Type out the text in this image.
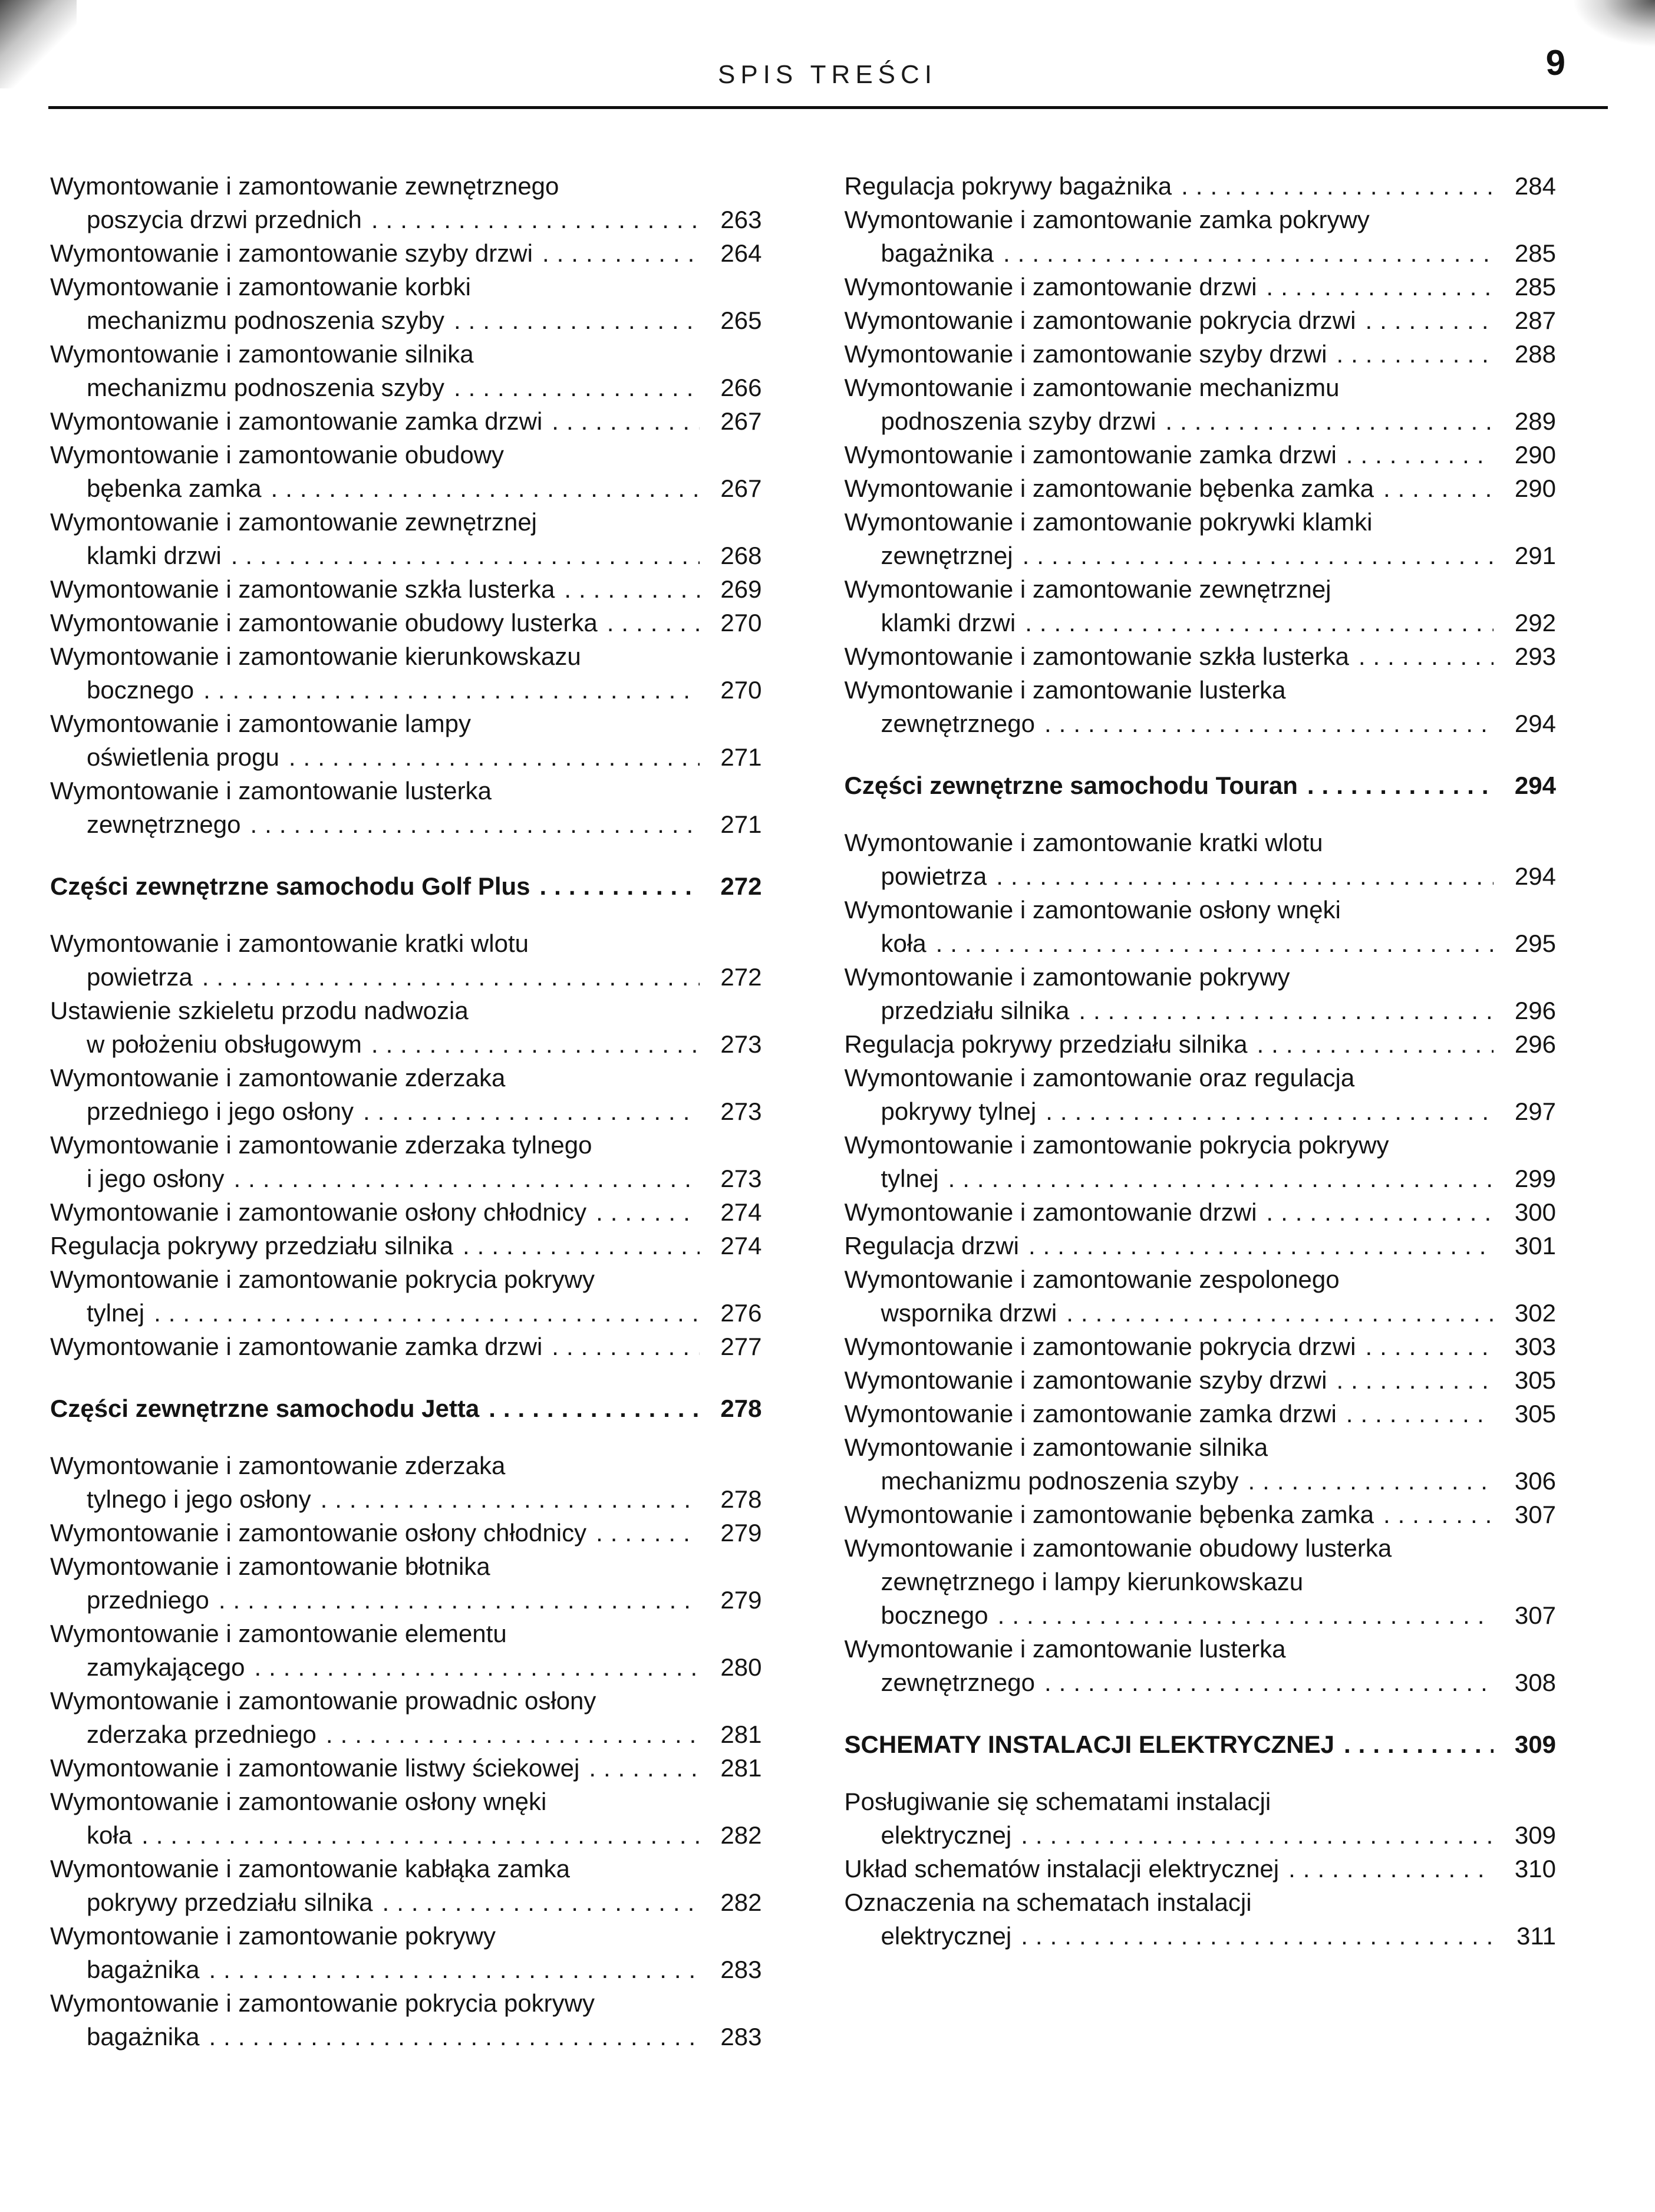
SPIS TREŚCI	9
Wymontowanie i zamontowanie zewnętrznego
poszycia drzwi przednich .....	263
Wymontowanie i zamontowanie szyby drzwi .....	264
Wymontowanie i zamontowanie korbki
mechanizmu podnoszenia szyby .....	265
Wymontowanie i zamontowanie silnika
mechanizmu podnoszenia szyby .....	266
Wymontowanie i zamontowanie zamka drzwi .....	267
Wymontowanie i zamontowanie obudowy
bębenka zamka .....	267
Wymontowanie i zamontowanie zewnętrznej
klamki drzwi .....	268
Wymontowanie i zamontowanie szkła lusterka .....	269
Wymontowanie i zamontowanie obudowy lusterka .....	270
Wymontowanie i zamontowanie kierunkowskazu
bocznego .....	270
Wymontowanie i zamontowanie lampy
oświetlenia progu .....	271
Wymontowanie i zamontowanie lusterka
zewnętrznego .....	271
Części zewnętrzne samochodu Golf Plus .....	272
Wymontowanie i zamontowanie kratki wlotu
powietrza .....	272
Ustawienie szkieletu przodu nadwozia
w położeniu obsługowym .....	273
Wymontowanie i zamontowanie zderzaka
przedniego i jego osłony .....	273
Wymontowanie i zamontowanie zderzaka tylnego
i jego osłony .....	273
Wymontowanie i zamontowanie osłony chłodnicy .....	274
Regulacja pokrywy przedziału silnika .....	274
Wymontowanie i zamontowanie pokrycia pokrywy
tylnej .....	276
Wymontowanie i zamontowanie zamka drzwi .....	277
Części zewnętrzne samochodu Jetta .....	278
Wymontowanie i zamontowanie zderzaka
tylnego i jego osłony .....	278
Wymontowanie i zamontowanie osłony chłodnicy .....	279
Wymontowanie i zamontowanie błotnika
przedniego .....	279
Wymontowanie i zamontowanie elementu
zamykającego .....	280
Wymontowanie i zamontowanie prowadnic osłony
zderzaka przedniego .....	281
Wymontowanie i zamontowanie listwy ściekowej .....	281
Wymontowanie i zamontowanie osłony wnęki
koła .....	282
Wymontowanie i zamontowanie kabłąka zamka
pokrywy przedziału silnika .....	282
Wymontowanie i zamontowanie pokrywy
bagażnika .....	283
Wymontowanie i zamontowanie pokrycia pokrywy
bagażnika .....	283
Regulacja pokrywy bagażnika .....	284
Wymontowanie i zamontowanie zamka pokrywy
bagażnika .....	285
Wymontowanie i zamontowanie drzwi .....	285
Wymontowanie i zamontowanie pokrycia drzwi .....	287
Wymontowanie i zamontowanie szyby drzwi .....	288
Wymontowanie i zamontowanie mechanizmu
podnoszenia szyby drzwi .....	289
Wymontowanie i zamontowanie zamka drzwi .....	290
Wymontowanie i zamontowanie bębenka zamka .....	290
Wymontowanie i zamontowanie pokrywki klamki
zewnętrznej .....	291
Wymontowanie i zamontowanie zewnętrznej
klamki drzwi .....	292
Wymontowanie i zamontowanie szkła lusterka .....	293
Wymontowanie i zamontowanie lusterka
zewnętrznego .....	294
Części zewnętrzne samochodu Touran .....	294
Wymontowanie i zamontowanie kratki wlotu
powietrza .....	294
Wymontowanie i zamontowanie osłony wnęki
koła .....	295
Wymontowanie i zamontowanie pokrywy
przedziału silnika .....	296
Regulacja pokrywy przedziału silnika .....	296
Wymontowanie i zamontowanie oraz regulacja
pokrywy tylnej .....	297
Wymontowanie i zamontowanie pokrycia pokrywy
tylnej .....	299
Wymontowanie i zamontowanie drzwi .....	300
Regulacja drzwi .....	301
Wymontowanie i zamontowanie zespolonego
wspornika drzwi .....	302
Wymontowanie i zamontowanie pokrycia drzwi .....	303
Wymontowanie i zamontowanie szyby drzwi .....	305
Wymontowanie i zamontowanie zamka drzwi .....	305
Wymontowanie i zamontowanie silnika
mechanizmu podnoszenia szyby .....	306
Wymontowanie i zamontowanie bębenka zamka .....	307
Wymontowanie i zamontowanie obudowy lusterka
zewnętrznego i lampy kierunkowskazu
bocznego .....	307
Wymontowanie i zamontowanie lusterka
zewnętrznego .....	308
SCHEMATY INSTALACJI ELEKTRYCZNEJ .....	309
Posługiwanie się schematami instalacji
elektrycznej .....	309
Układ schematów instalacji elektrycznej .....	310
Oznaczenia na schematach instalacji
elektrycznej .....	311
